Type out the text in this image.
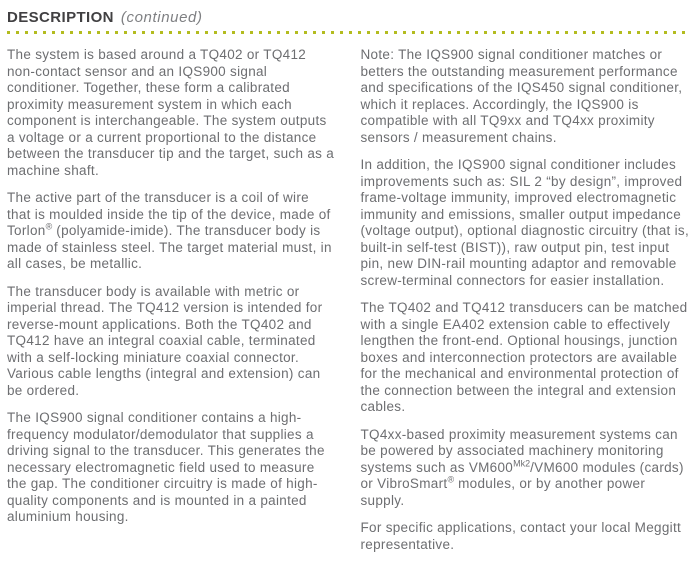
DESCRIPTION (continued)

The system is based around a TQ402 or TQ412 non-contact sensor and an IQS900 signal conditioner. Together, these form a calibrated proximity measurement system in which each component is interchangeable. The system outputs a voltage or a current proportional to the distance between the transducer tip and the target, such as a machine shaft.

The active part of the transducer is a coil of wire that is moulded inside the tip of the device, made of Torlon® (polyamide-imide). The transducer body is made of stainless steel. The target material must, in all cases, be metallic.

The transducer body is available with metric or imperial thread. The TQ412 version is intended for reverse-mount applications. Both the TQ402 and TQ412 have an integral coaxial cable, terminated with a self-locking miniature coaxial connector. Various cable lengths (integral and extension) can be ordered.

The IQS900 signal conditioner contains a high-frequency modulator/demodulator that supplies a driving signal to the transducer. This generates the necessary electromagnetic field used to measure the gap. The conditioner circuitry is made of high-quality components and is mounted in a painted aluminium housing.

Note: The IQS900 signal conditioner matches or betters the outstanding measurement performance and specifications of the IQS450 signal conditioner, which it replaces. Accordingly, the IQS900 is compatible with all TQ9xx and TQ4xx proximity sensors / measurement chains.

In addition, the IQS900 signal conditioner includes improvements such as: SIL 2 “by design”, improved frame-voltage immunity, improved electromagnetic immunity and emissions, smaller output impedance (voltage output), optional diagnostic circuitry (that is, built-in self-test (BIST)), raw output pin, test input pin, new DIN-rail mounting adaptor and removable screw-terminal connectors for easier installation.

The TQ402 and TQ412 transducers can be matched with a single EA402 extension cable to effectively lengthen the front-end. Optional housings, junction boxes and interconnection protectors are available for the mechanical and environmental protection of the connection between the integral and extension cables.

TQ4xx-based proximity measurement systems can be powered by associated machinery monitoring systems such as $VM600^{Mk2}/VM600$ modules (cards) or VibroSmart® modules, or by another power supply.

For specific applications, contact your local Meggitt representative.
